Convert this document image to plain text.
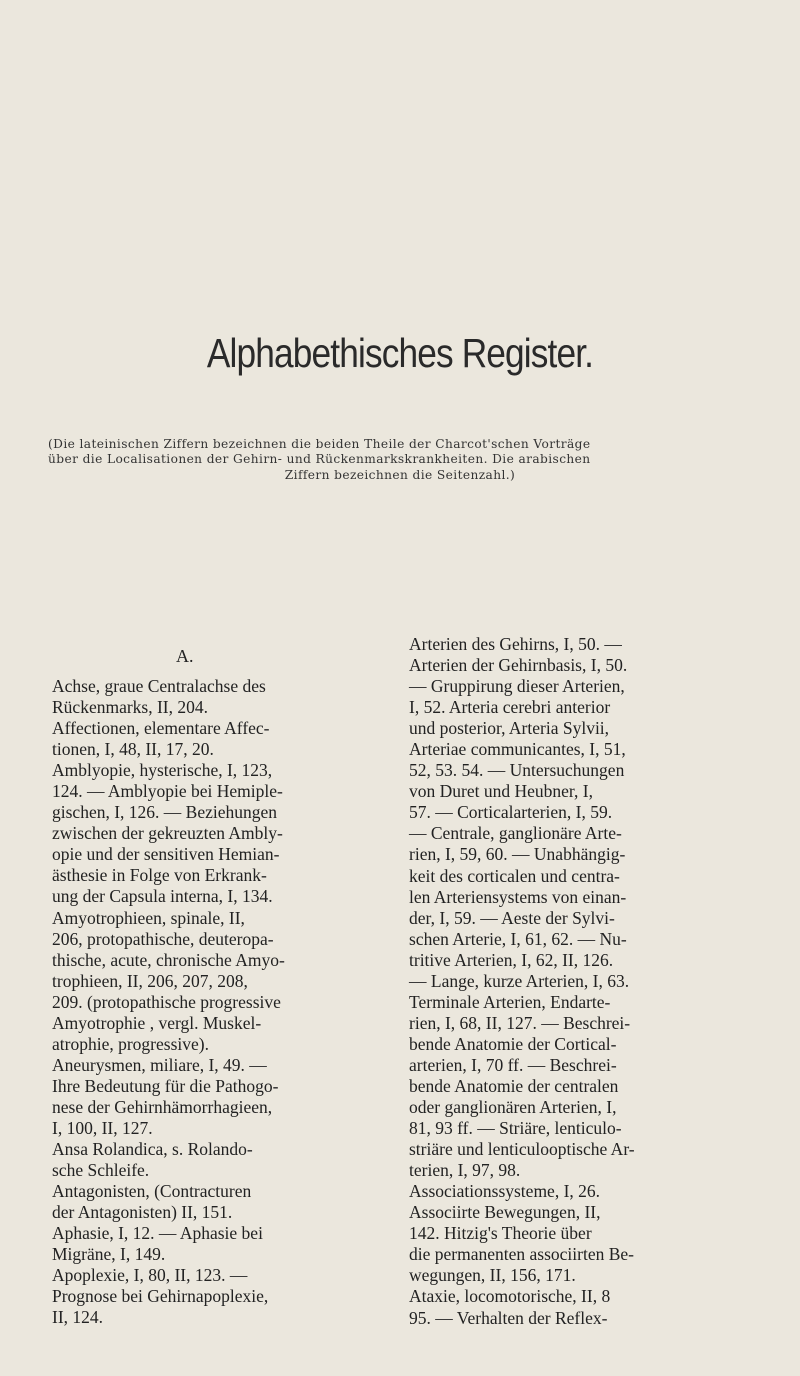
Alphabethisches Register.
(Die lateinischen Ziffern bezeichnen die beiden Theile der Charcot'schen Vorträge
über die Localisationen der Gehirn- und Rückenmarkskrankheiten. Die arabischen
Ziffern bezeichnen die Seitenzahl.)
A.
Achse, graue Centralachse des
Rückenmarks, II, 204.
Affectionen, elementare Affec-
tionen, I, 48, II, 17, 20.
Amblyopie, hysterische, I, 123,
124. — Amblyopie bei Hemiple-
gischen, I, 126. — Beziehungen
zwischen der gekreuzten Ambly-
opie und der sensitiven Hemian-
ästhesie in Folge von Erkrank-
ung der Capsula interna, I, 134.
Amyotrophieen, spinale, II,
206, protopathische, deuteropa-
thische, acute, chronische Amyo-
trophieen, II, 206, 207, 208,
209. (protopathische progressive
Amyotrophie , vergl. Muskel-
atrophie, progressive).
Aneurysmen, miliare, I, 49. —
Ihre Bedeutung für die Pathogo-
nese der Gehirnhämorrhagieen,
I, 100, II, 127.
Ansa Rolandica, s. Rolando-
sche Schleife.
Antagonisten, (Contracturen
der Antagonisten) II, 151.
Aphasie, I, 12. — Aphasie bei
Migräne, I, 149.
Apoplexie, I, 80, II, 123. —
Prognose bei Gehirnapoplexie,
II, 124.
Arterien des Gehirns, I, 50. —
Arterien der Gehirnbasis, I, 50.
— Gruppirung dieser Arterien,
I, 52. Arteria cerebri anterior
und posterior, Arteria Sylvii,
Arteriae communicantes, I, 51,
52, 53. 54. — Untersuchungen
von Duret und Heubner, I,
57. — Corticalarterien, I, 59.
— Centrale, ganglionäre Arte-
rien, I, 59, 60. — Unabhängig-
keit des corticalen und centra-
len Arteriensystems von einan-
der, I, 59. — Aeste der Sylvi-
schen Arterie, I, 61, 62. — Nu-
tritive Arterien, I, 62, II, 126.
— Lange, kurze Arterien, I, 63.
Terminale Arterien, Endarte-
rien, I, 68, II, 127. — Beschrei-
bende Anatomie der Cortical-
arterien, I, 70 ff. — Beschrei-
bende Anatomie der centralen
oder ganglionären Arterien, I,
81, 93 ff. — Striäre, lenticulo-
striäre und lenticulooptische Ar-
terien, I, 97, 98.
Associationssysteme, I, 26.
Associirte Bewegungen, II,
142. Hitzig's Theorie über
die permanenten associirten Be-
wegungen, II, 156, 171.
Ataxie, locomotorische, II, 8
95. — Verhalten der Reflex-
